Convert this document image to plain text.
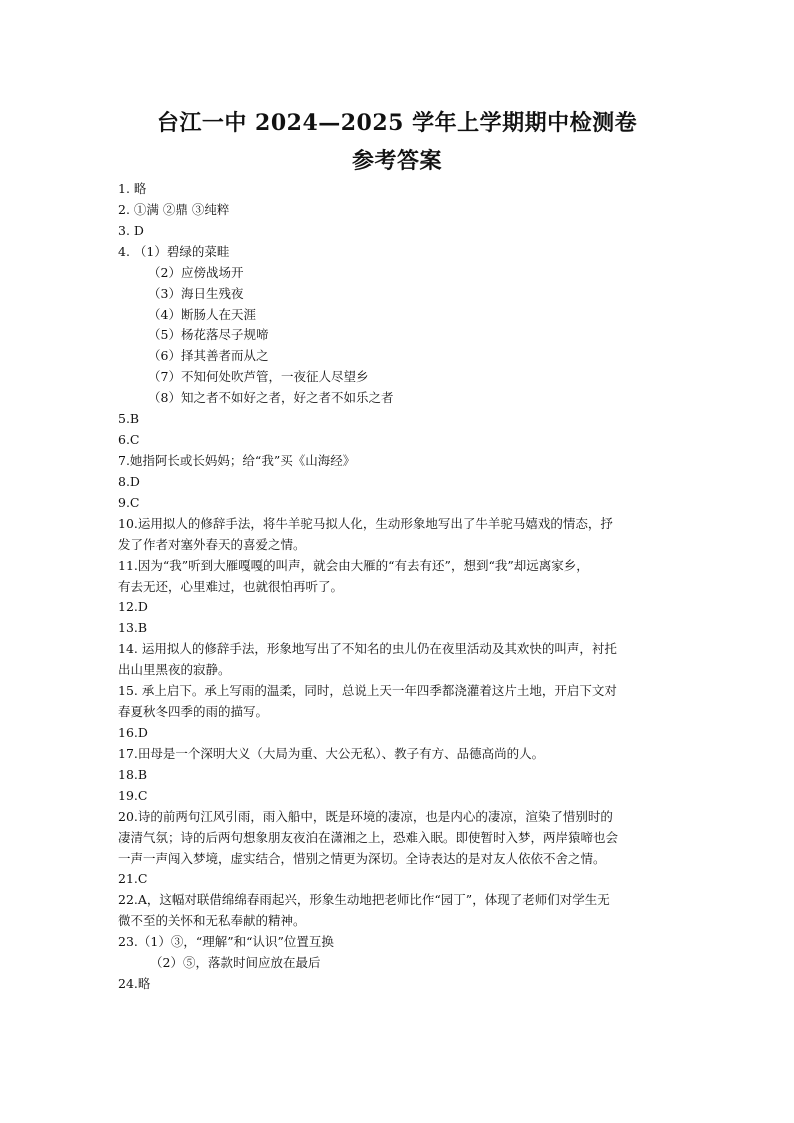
台江一中 2024—2025 学年上学期期中检测卷
参考答案
1. 略
2. ①满 ②鼎 ③纯粹
3. D
4. （1）碧绿的菜畦
（2）应傍战场开
（3）海日生残夜
（4）断肠人在天涯
（5）杨花落尽子规啼
（6）择其善者而从之
（7）不知何处吹芦管，一夜征人尽望乡
（8）知之者不如好之者，好之者不如乐之者
5.B
6.C
7.她指阿长或长妈妈；给“我”买《山海经》
8.D
9.C
10.运用拟人的修辞手法，将牛羊驼马拟人化，生动形象地写出了牛羊驼马嬉戏的情态，抒
发了作者对塞外春天的喜爱之情。
11.因为“我”听到大雁嘎嘎的叫声，就会由大雁的“有去有还”，想到“我”却远离家乡，
有去无还，心里难过，也就很怕再听了。
12.D
13.B
14. 运用拟人的修辞手法，形象地写出了不知名的虫儿仍在夜里活动及其欢快的叫声，衬托
出山里黑夜的寂静。
15. 承上启下。承上写雨的温柔，同时，总说上天一年四季都浇灌着这片土地，开启下文对
春夏秋冬四季的雨的描写。
16.D
17.田母是一个深明大义（大局为重、大公无私）、教子有方、品德高尚的人。
18.B
19.C
20.诗的前两句江风引雨，雨入船中，既是环境的凄凉，也是内心的凄凉，渲染了惜别时的
凄清气氛；诗的后两句想象朋友夜泊在潇湘之上，恐难入眠。即使暂时入梦，两岸猿啼也会
一声一声闯入梦境，虚实结合，惜别之情更为深切。全诗表达的是对友人依依不舍之情。
21.C
22.A，这幅对联借绵绵春雨起兴，形象生动地把老师比作“园丁”，体现了老师们对学生无
微不至的关怀和无私奉献的精神。
23.（1）③，“理解”和“认识”位置互换
（2）⑤，落款时间应放在最后
24.略
